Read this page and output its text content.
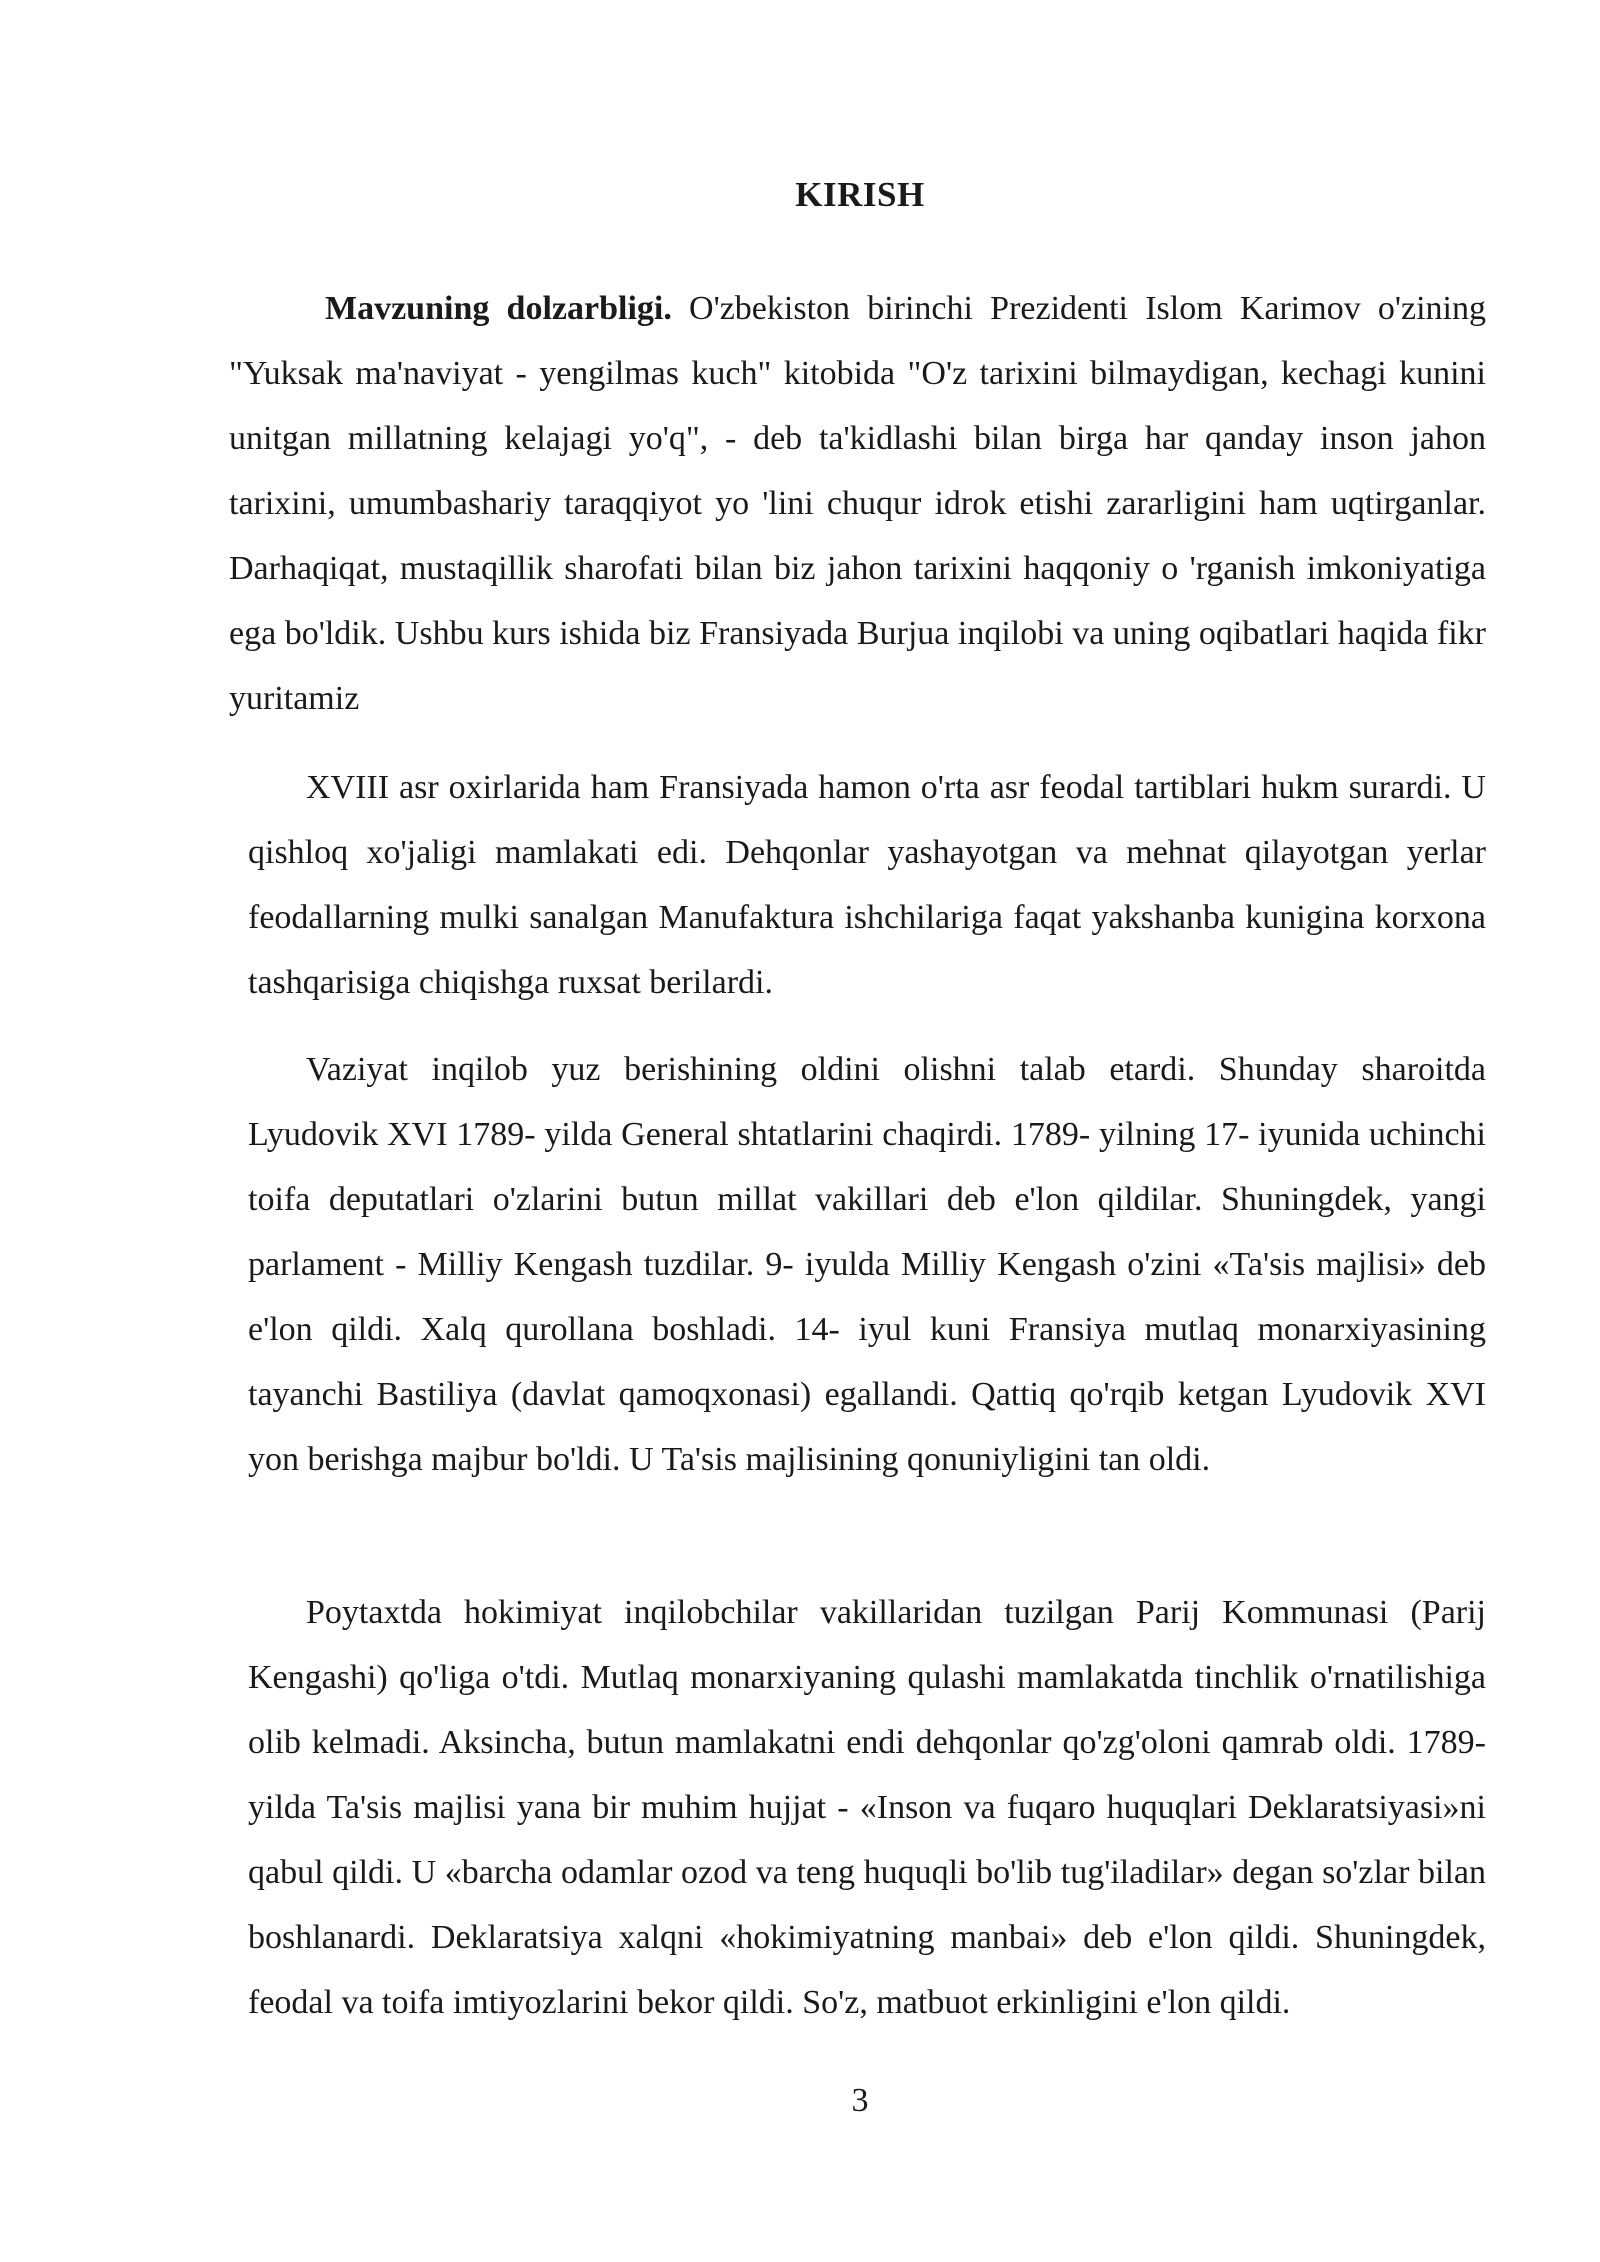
KIRISH

Mavzuning dolzarbligi. O'zbekiston birinchi Prezidenti Islom Karimov o'zining "Yuksak ma'naviyat - yengilmas kuch" kitobida "O'z tarixini bilmaydigan, kechagi kunini unitgan millatning kelajagi yo'q", - deb ta'kidlashi bilan birga har qanday inson jahon tarixini, umumbashariy taraqqiyot yo 'lini chuqur idrok etishi zararligini ham uqtirganlar. Darhaqiqat, mustaqillik sharofati bilan biz jahon tarixini haqqoniy o 'rganish imkoniyatiga ega bo'ldik. Ushbu kurs ishida biz Fransiyada Burjua inqilobi va uning oqibatlari haqida fikr yuritamiz

XVIII asr oxirlarida ham Fransiyada hamon o'rta asr feodal tartiblari hukm surardi. U qishloq xo'jaligi mamlakati edi. Dehqonlar yashayotgan va mehnat qilayotgan yerlar feodallarning mulki sanalgan Manufaktura ishchilariga faqat yakshanba kunigina korxona tashqarisiga chiqishga ruxsat berilardi.

Vaziyat inqilob yuz berishining oldini olishni talab etardi. Shunday sharoitda Lyudovik XVI 1789- yilda General shtatlarini chaqirdi. 1789- yilning 17- iyunida uchinchi toifa deputatlari o'zlarini butun millat vakillari deb e'lon qildilar. Shuningdek, yangi parlament - Milliy Kengash tuzdilar. 9- iyulda Milliy Kengash o'zini «Ta'sis majlisi» deb e'lon qildi. Xalq qurollana boshladi. 14- iyul kuni Fransiya mutlaq monarxiyasining tayanchi Bastiliya (davlat qamoqxonasi) egallandi. Qattiq qo'rqib ketgan Lyudovik XVI yon berishga majbur bo'ldi. U Ta'sis majlisining qonuniyligini tan oldi.

Poytaxtda hokimiyat inqilobchilar vakillaridan tuzilgan Parij Kommunasi (Parij Kengashi) qo'liga o'tdi. Mutlaq monarxiyaning qulashi mamlakatda tinchlik o'rnatilishiga olib kelmadi. Aksincha, butun mamlakatni endi dehqonlar qo'zg'oloni qamrab oldi. 1789- yilda Ta'sis majlisi yana bir muhim hujjat - «Inson va fuqaro huquqlari Deklaratsiyasi»ni qabul qildi. U «barcha odamlar ozod va teng huquqli bo'lib tug'iladilar» degan so'zlar bilan boshlanardi. Deklaratsiya xalqni «hokimiyatning manbai» deb e'lon qildi. Shuningdek, feodal va toifa imtiyozlarini bekor qildi. So'z, matbuot erkinligini e'lon qildi.

3
